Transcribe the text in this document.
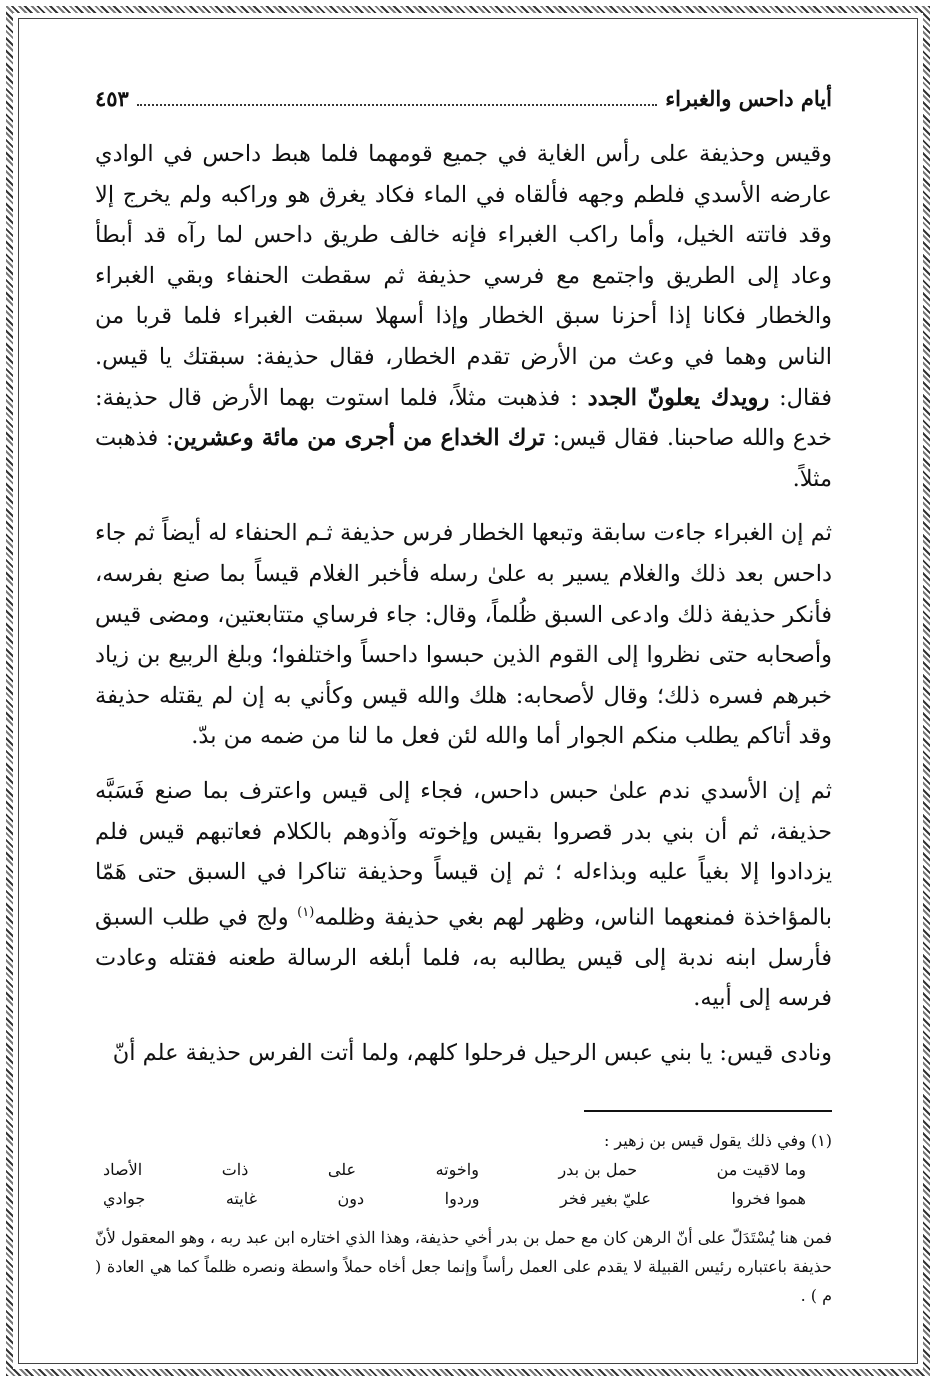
أيام داحس والغبراء
٤٥٣

وقيس وحذيفة على رأس الغاية في جميع قومهما فلما هبط داحس في الوادي عارضه الأسدي فلطم وجهه فألقاه في الماء فكاد يغرق هو وراكبه ولم يخرج إلا وقد فاتته الخيل، وأما راكب الغبراء فإنه خالف طريق داحس لما رآه قد أبطأ وعاد إلى الطريق واجتمع مع فرسي حذيفة ثم سقطت الحنفاء وبقي الغبراء والخطار فكانا إذا أحزنا سبق الخطار وإذا أسهلا سبقت الغبراء فلما قربا من الناس وهما في وعث من الأرض تقدم الخطار، فقال حذيفة: سبقتك يا قيس. فقال: رويدك يعلونّ الجدد : فذهبت مثلاً، فلما استوت بهما الأرض قال حذيفة: خدع والله صاحبنا. فقال قيس: ترك الخداع من أجرى من مائة وعشرين: فذهبت مثلاً.

ثم إن الغبراء جاءت سابقة وتبعها الخطار فرس حذيفة ثـم الحنفاء له أيضاً ثم جاء داحس بعد ذلك والغلام يسير به علىٰ رسله فأخبر الغلام قيساً بما صنع بفرسه، فأنكر حذيفة ذلك وادعى السبق ظُلماً، وقال: جاء فرساي متتابعتين، ومضى قيس وأصحابه حتى نظروا إلى القوم الذين حبسوا داحساً واختلفوا؛ وبلغ الربيع بن زياد خبرهم فسره ذلك؛ وقال لأصحابه: هلك والله قيس وكأني به إن لم يقتله حذيفة وقد أتاكم يطلب منكم الجوار أما والله لئن فعل ما لنا من ضمه من بدّ.

ثم إن الأسدي ندم علىٰ حبس داحس، فجاء إلى قيس واعترف بما صنع فَسَبَّه حذيفة، ثم أن بني بدر قصروا بقيس وإخوته وآذوهم بالكلام فعاتبهم قيس فلم يزدادوا إلا بغياً عليه وبذاءله ؛ ثم إن قيساً وحذيفة تناكرا في السبق حتى هَمّا بالمؤاخذة فمنعهما الناس، وظهر لهم بغي حذيفة وظلمه$^{(١)}$ ولج في طلب السبق فأرسل ابنه ندبة إلى قيس يطالبه به، فلما أبلغه الرسالة طعنه فقتله وعادت فرسه إلى أبيه.

ونادى قيس: يا بني عبس الرحيل فرحلوا كلهم، ولما أتت الفرس حذيفة علم أنّ

(١) وفي ذلك يقول قيس بن زهير :
وما لاقيت من
حمل بن بدر
واخوته
على
ذات
الأصاد
هموا فخروا
عليّ بغير فخر
وردوا
دون
غايته
جوادي
فمن هنا يُسْتَدَلّ على أنّ الرهن كان مع حمل بن بدر أخي حذيفة، وهذا الذي اختاره ابن عبد ربه ، وهو المعقول لأنّ حذيفة باعتباره رئيس القبيلة لا يقدم على العمل رأساً وإنما جعل أخاه حملاً واسطة ونصره ظلماً كما هي العادة ( م ) .
